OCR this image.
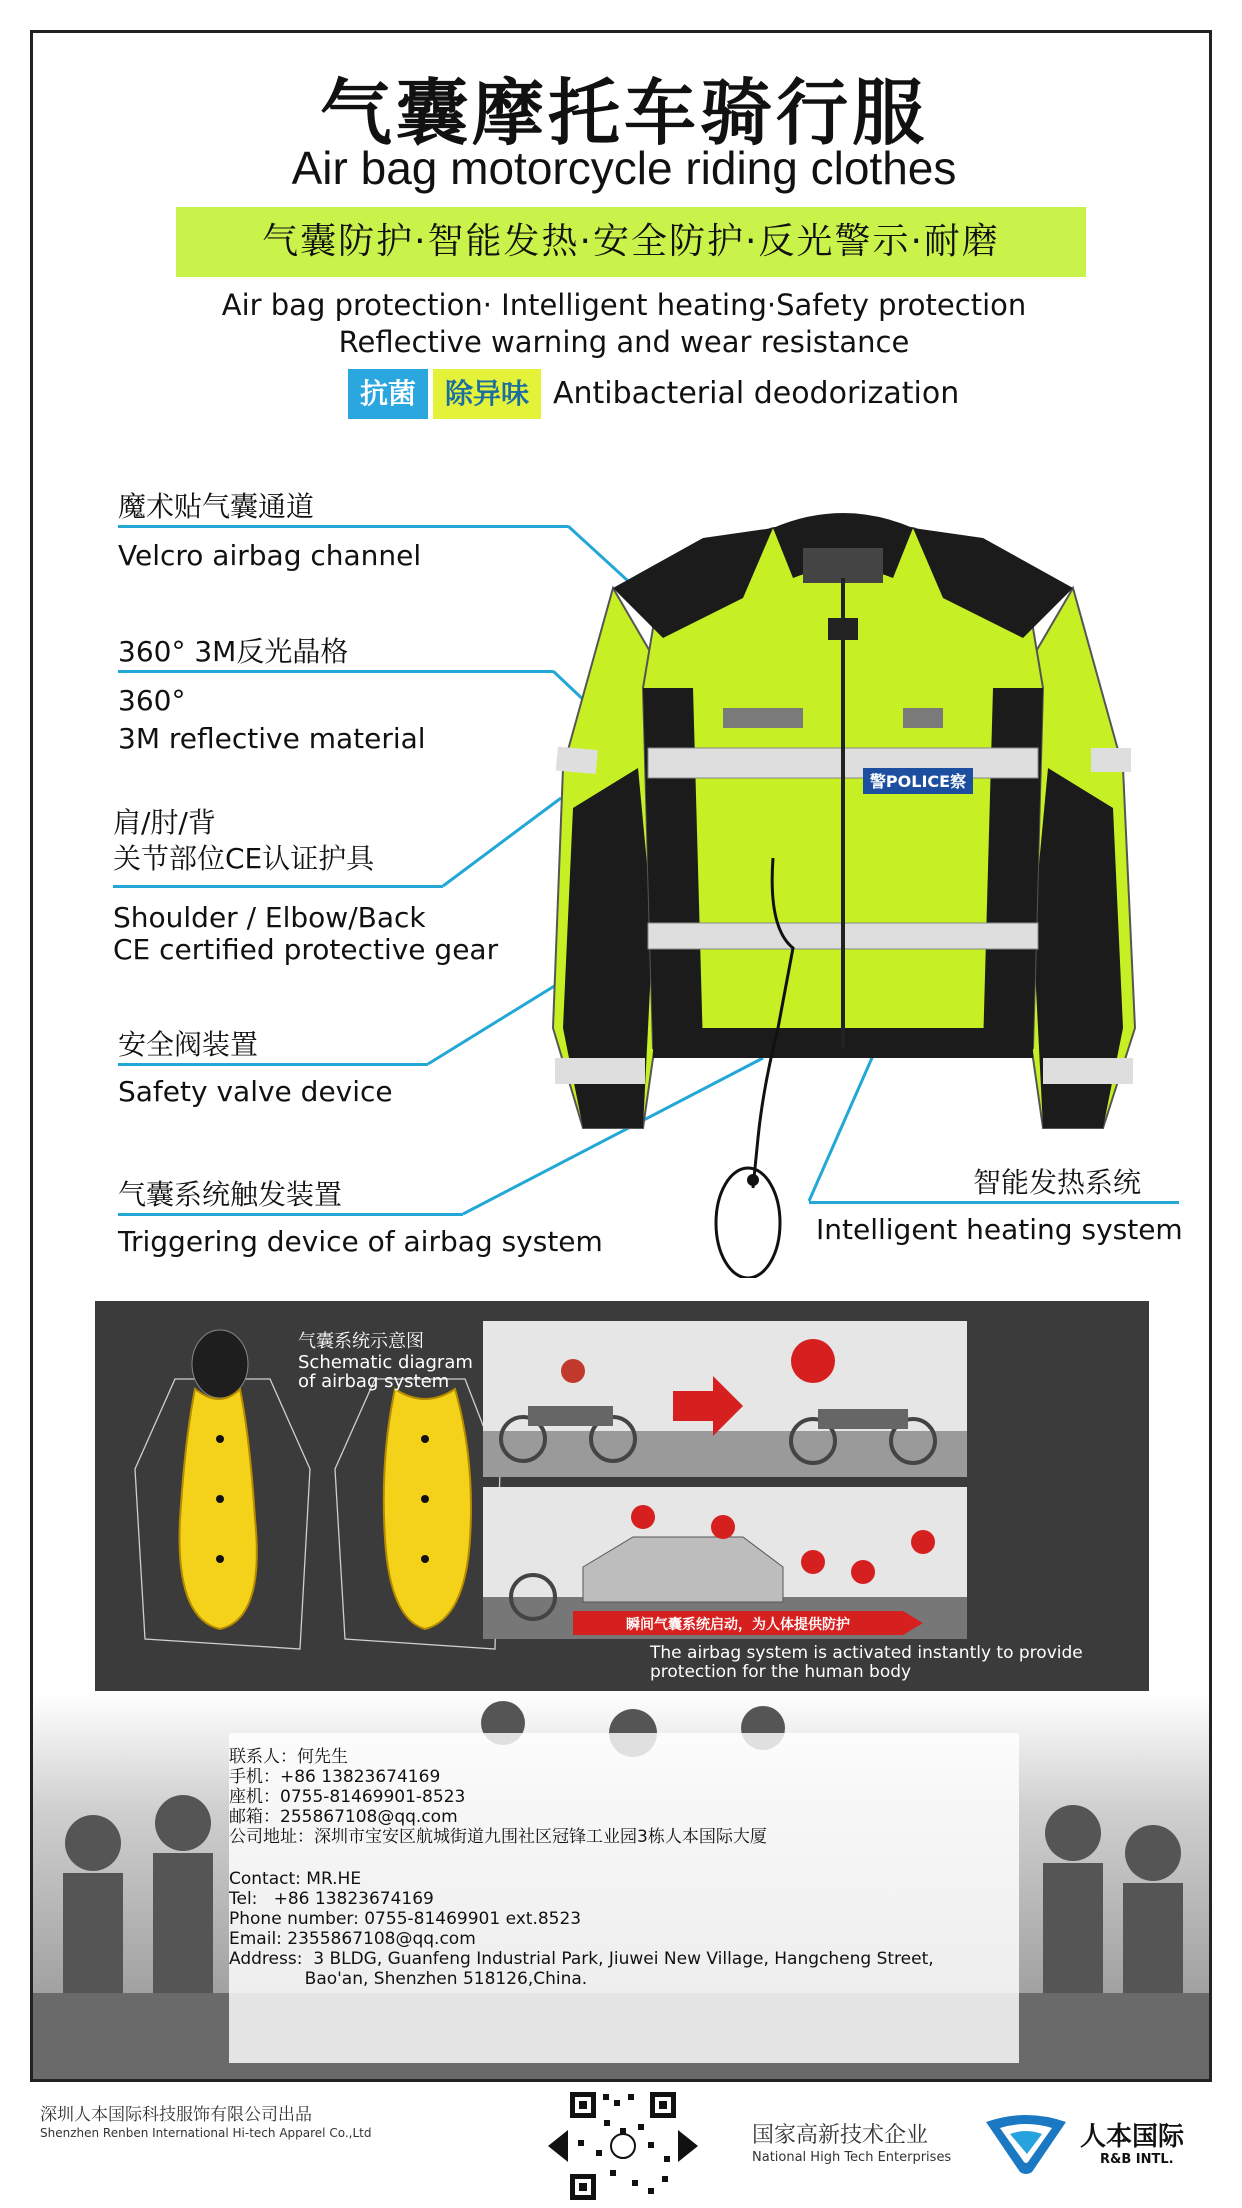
气囊摩托车骑行服
Air bag motorcycle riding clothes
气囊防护·智能发热·安全防护·反光警示·耐磨
Air bag protection· Intelligent heating·Safety protection
Reflective warning and wear resistance
抗菌	除异味 Antibacterial deodorization
魔术贴气囊通道
Velcro airbag channel
360° 3M反光晶格
360°
3M reflective material
肩/肘/背
关节部位CE认证护具
Shoulder / Elbow/Back
CE certified protective gear
安全阀装置
Safety valve device
气囊系统触发装置
Triggering device of airbag system
智能发热系统
Intelligent heating system
警POLICE察
气囊系统示意图
Schematic diagram
of airbag system
瞬间气囊系统启动，为人体提供防护
The airbag system is activated instantly to provide
protection for the human body
联系人：何先生
手机：+86 13823674169
座机：0755-81469901-8523
邮箱：255867108@qq.com
公司地址：深圳市宝安区航城街道九围社区冠锋工业园3栋人本国际大厦
Contact: MR.HE
Tel:   +86 13823674169
Phone number: 0755-81469901 ext.8523
Email: 2355867108@qq.com
Address:  3 BLDG, Guanfeng Industrial Park, Jiuwei New Village, Hangcheng Street,
Bao'an, Shenzhen 518126,China.
深圳人本国际科技服饰有限公司出品
Shenzhen Renben International Hi-tech Apparel Co.,Ltd	国家高新技术企业
National High Tech Enterprises
人本国际
R&B INTL.
